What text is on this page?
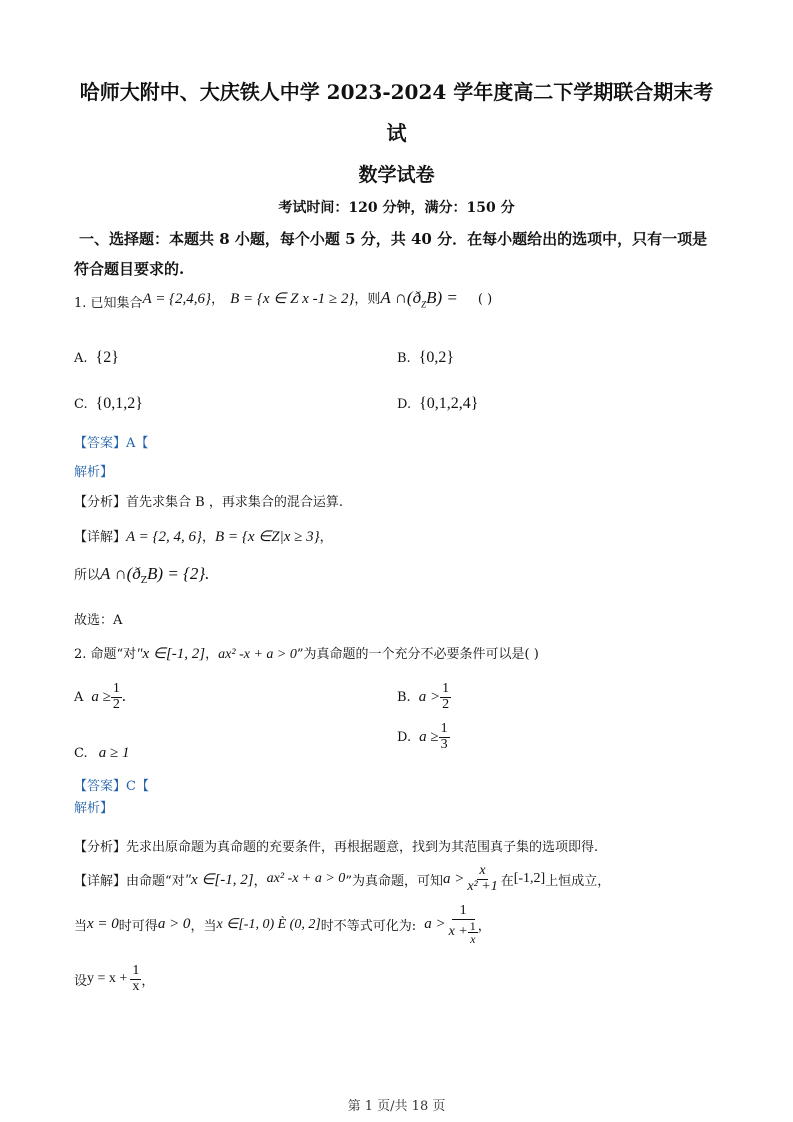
哈师大附中、大庆铁人中学 2023-2024 学年度高二下学期联合期末考
试
数学试卷
考试时间：120 分钟，满分：150 分
一、选择题：本题共 8 小题，每个小题 5 分，共 40 分．在每小题给出的选项中，只有一项是
符合题目要求的.
$_{1. 已知集合}$A = {2,4,6}， B = {x ∈ Z x -1 ≥ 2}，则A $\cap(ð_ZB)$ = ( )
A. {2}	B. {0,2}
C. {0,1,2}	D. {0,1,2,4}
【答案】A【
解析】
【分析】首先求集合 B ，再求集合的混合运算.
【详解】A = {2, 4, 6}，B = {x ∈Z|x ≥ 3}，
所以A $\cap(ð_ZB) = \{2\}$.
故选：A
2. 命题“对"x ∈[-1, 2]，ax² -x + a > 0”为真命题的一个充分不必要条件可以是( )
A $a \ge \frac{1}{2}$ .	B. $a > \frac{1}{2}$
C. a ≥ 1
D. $a \ge \frac{1}{3}$
【答案】C【
解析】
【分析】先求出原命题为真命题的充要条件，再根据题意，找到为其范围真子集的选项即得.
【详解】由命题“对 "x ∈[-1, 2] ， ax² -x + a > 0 ”为真命题，可知 $a > \frac{x}{\text{x² +1}}$ 在 [-1,2] 上恒成立，
当 x = 0 时可得 a > 0 ，当 x ∈[-1, 0) È (0, 2] 时不等式可化为: $a > \frac{1}{x + \frac{1}{x}}$ ，
设 $y = x + \frac{1}{x}$ ，
第 1 页/共 18 页
